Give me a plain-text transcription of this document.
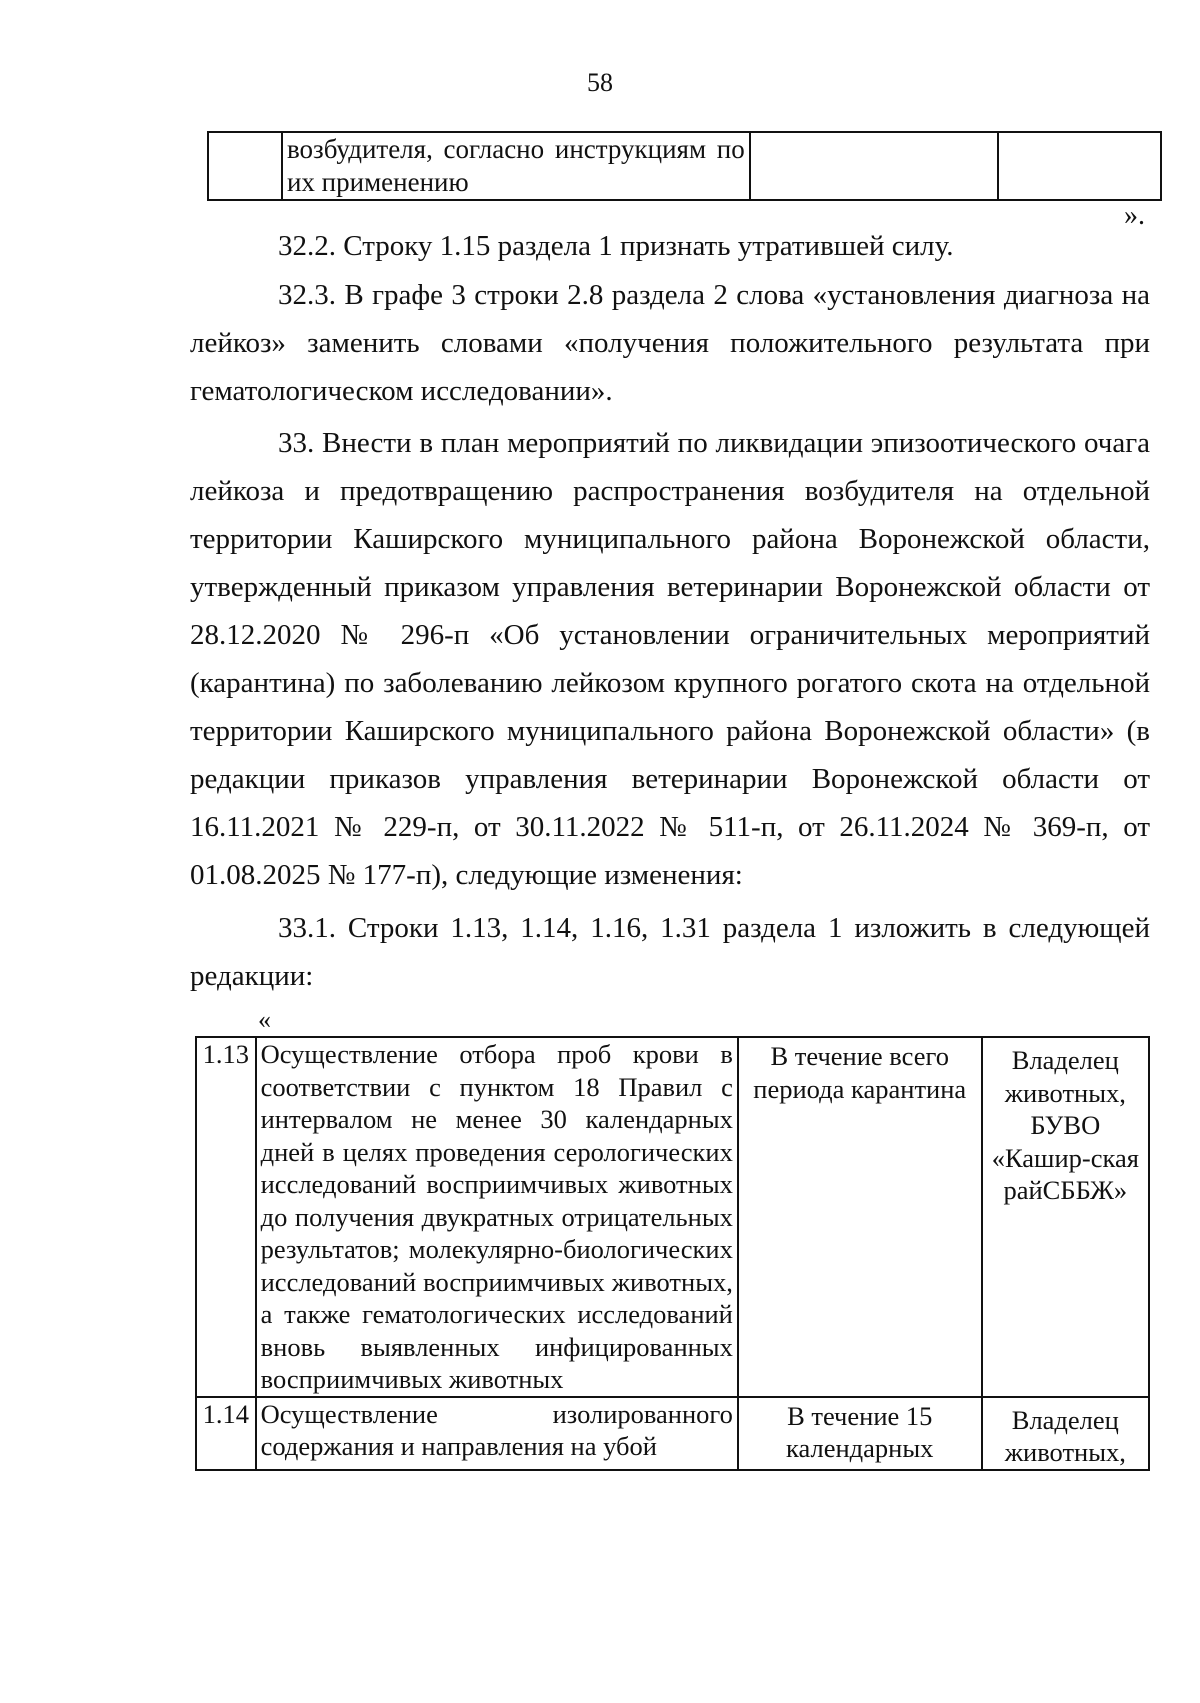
58
	возбудителя, согласно инструкциям по их применению		
».

32.2. Строку 1.15 раздела 1 признать утратившей силу.

32.3. В графе 3 строки 2.8 раздела 2 слова «установления диагноза на лейкоз» заменить словами «получения положительного результата при гематологическом исследовании».

33. Внести в план мероприятий по ликвидации эпизоотического очага лейкоза и предотвращению распространения возбудителя на отдельной территории Каширского муниципального района Воронежской области, утвержденный приказом управления ветеринарии Воронежской области от 28.12.2020 № 296-п «Об установлении ограничительных мероприятий (карантина) по заболеванию лейкозом крупного рогатого скота на отдельной территории Каширского муниципального района Воронежской области» (в редакции приказов управления ветеринарии Воронежской области от 16.11.2021 № 229-п, от 30.11.2022 № 511-п, от 26.11.2024 № 369-п, от 01.08.2025 № 177-п), следующие изменения:

33.1. Строки 1.13, 1.14, 1.16, 1.31 раздела 1 изложить в следующей редакции:

«
1.13	Осуществление отбора проб крови в соответствии с пунктом 18 Правил с интервалом не менее 30 календарных дней в целях проведения серологических исследований восприимчивых животных до получения двукратных отрицательных результатов; молекулярно-биологических исследований восприимчивых животных, а также гематологических исследований вновь выявленных инфицированных восприимчивых животных	В течение всего периода карантина	Владелец животных, БУВО «Кашир-ская райСББЖ»
1.14	Осуществление изолированного содержания и направления на убой	В течение 15 календарных	Владелец животных,
